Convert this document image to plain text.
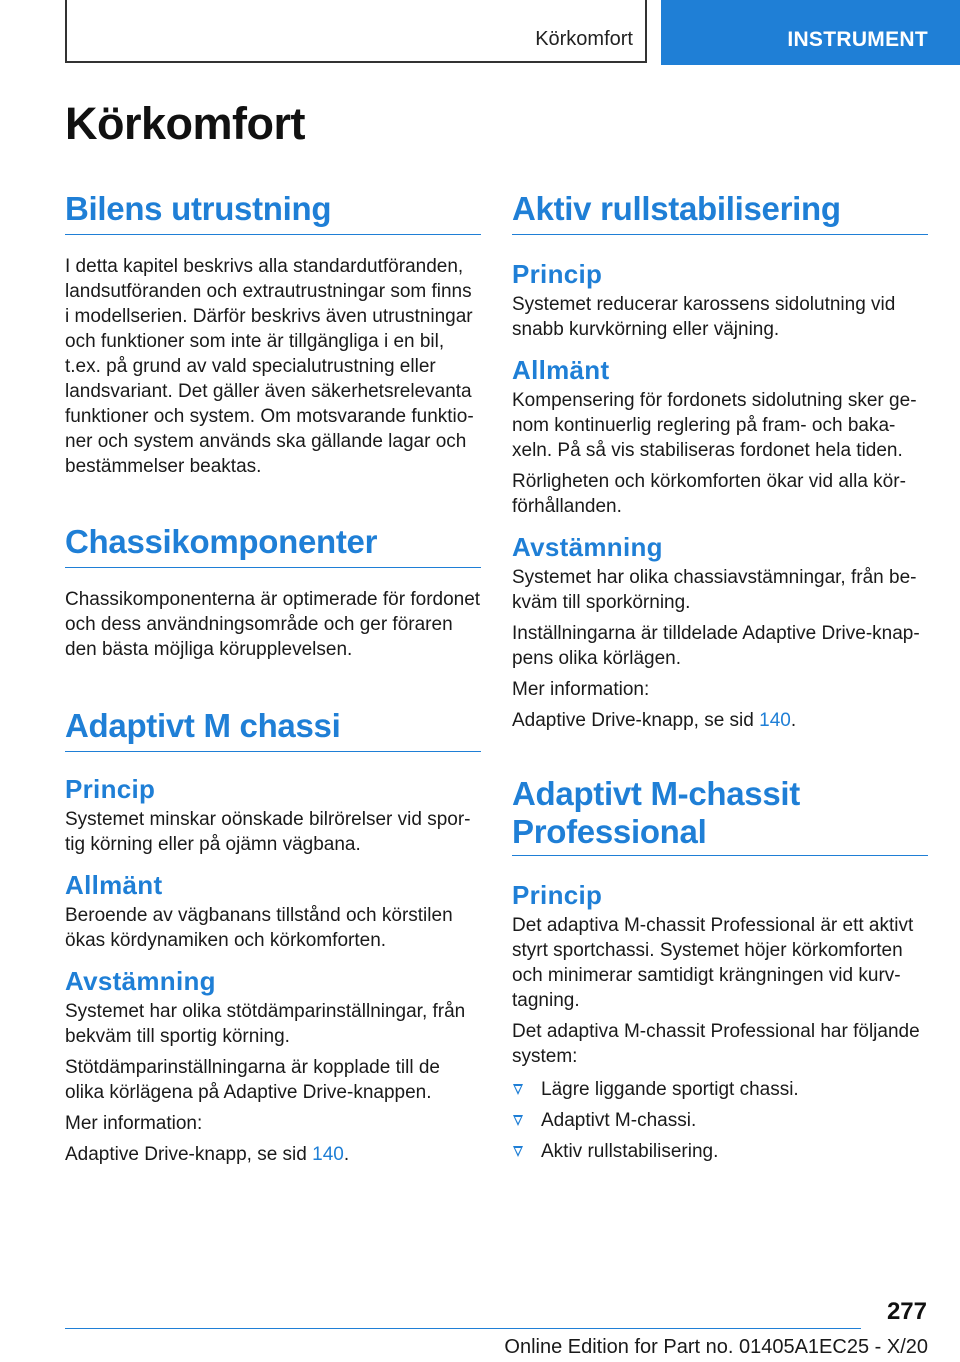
Körkomfort	INSTRUMENT
Körkomfort
Bilens utrustning

I detta kapitel beskrivs alla standardutföranden, landsutföranden och extrautrustningar som finns i modellserien. Därför beskrivs även utrustningar och funktioner som inte är tillgängliga i en bil, t.ex. på grund av vald specialutrustning eller landsvariant. Det gäller även säkerhetsrelevanta funktioner och system. Om motsvarande funktioner och system används ska gällande lagar och bestämmelser beaktas.

Chassikomponenter

Chassikomponenterna är optimerade för fordonet och dess användningsområde och ger föraren den bästa möjliga körupplevelsen.

Adaptivt M chassi
Princip

Systemet minskar oönskade bilrörelser vid sportig körning eller på ojämn vägbana.

Allmänt

Beroende av vägbanans tillstånd och körstilen ökas kördynamiken och körkomforten.

Avstämning

Systemet har olika stötdämparinställningar, från bekväm till sportig körning.

Stötdämparinställningarna är kopplade till de olika körlägena på Adaptive Drive-knappen.

Mer information:

Adaptive Drive-knapp, se sid 140.

Aktiv rullstabilisering
Princip

Systemet reducerar karossens sidolutning vid snabb kurvkörning eller väjning.

Allmänt

Kompensering för fordonets sidolutning sker genom kontinuerlig reglering på fram- och bakaxeln. På så vis stabiliseras fordonet hela tiden.

Rörligheten och körkomforten ökar vid alla körförhållanden.

Avstämning

Systemet har olika chassiavstämningar, från bekväm till sporkörning.

Inställningarna är tilldelade Adaptive Drive-knappens olika körlägen.

Mer information:

Adaptive Drive-knapp, se sid 140.

Adaptivt M-chassit Professional
Princip

Det adaptiva M-chassit Professional är ett aktivt styrt sportchassi. Systemet höjer körkomforten och minimerar samtidigt krängningen vid kurvtagning.

Det adaptiva M-chassit Professional har följande system:

Lägre liggande sportigt chassi.
Adaptivt M-chassi.
Aktiv rullstabilisering.
277
Online Edition for Part no. 01405A1EC25 - X/20
